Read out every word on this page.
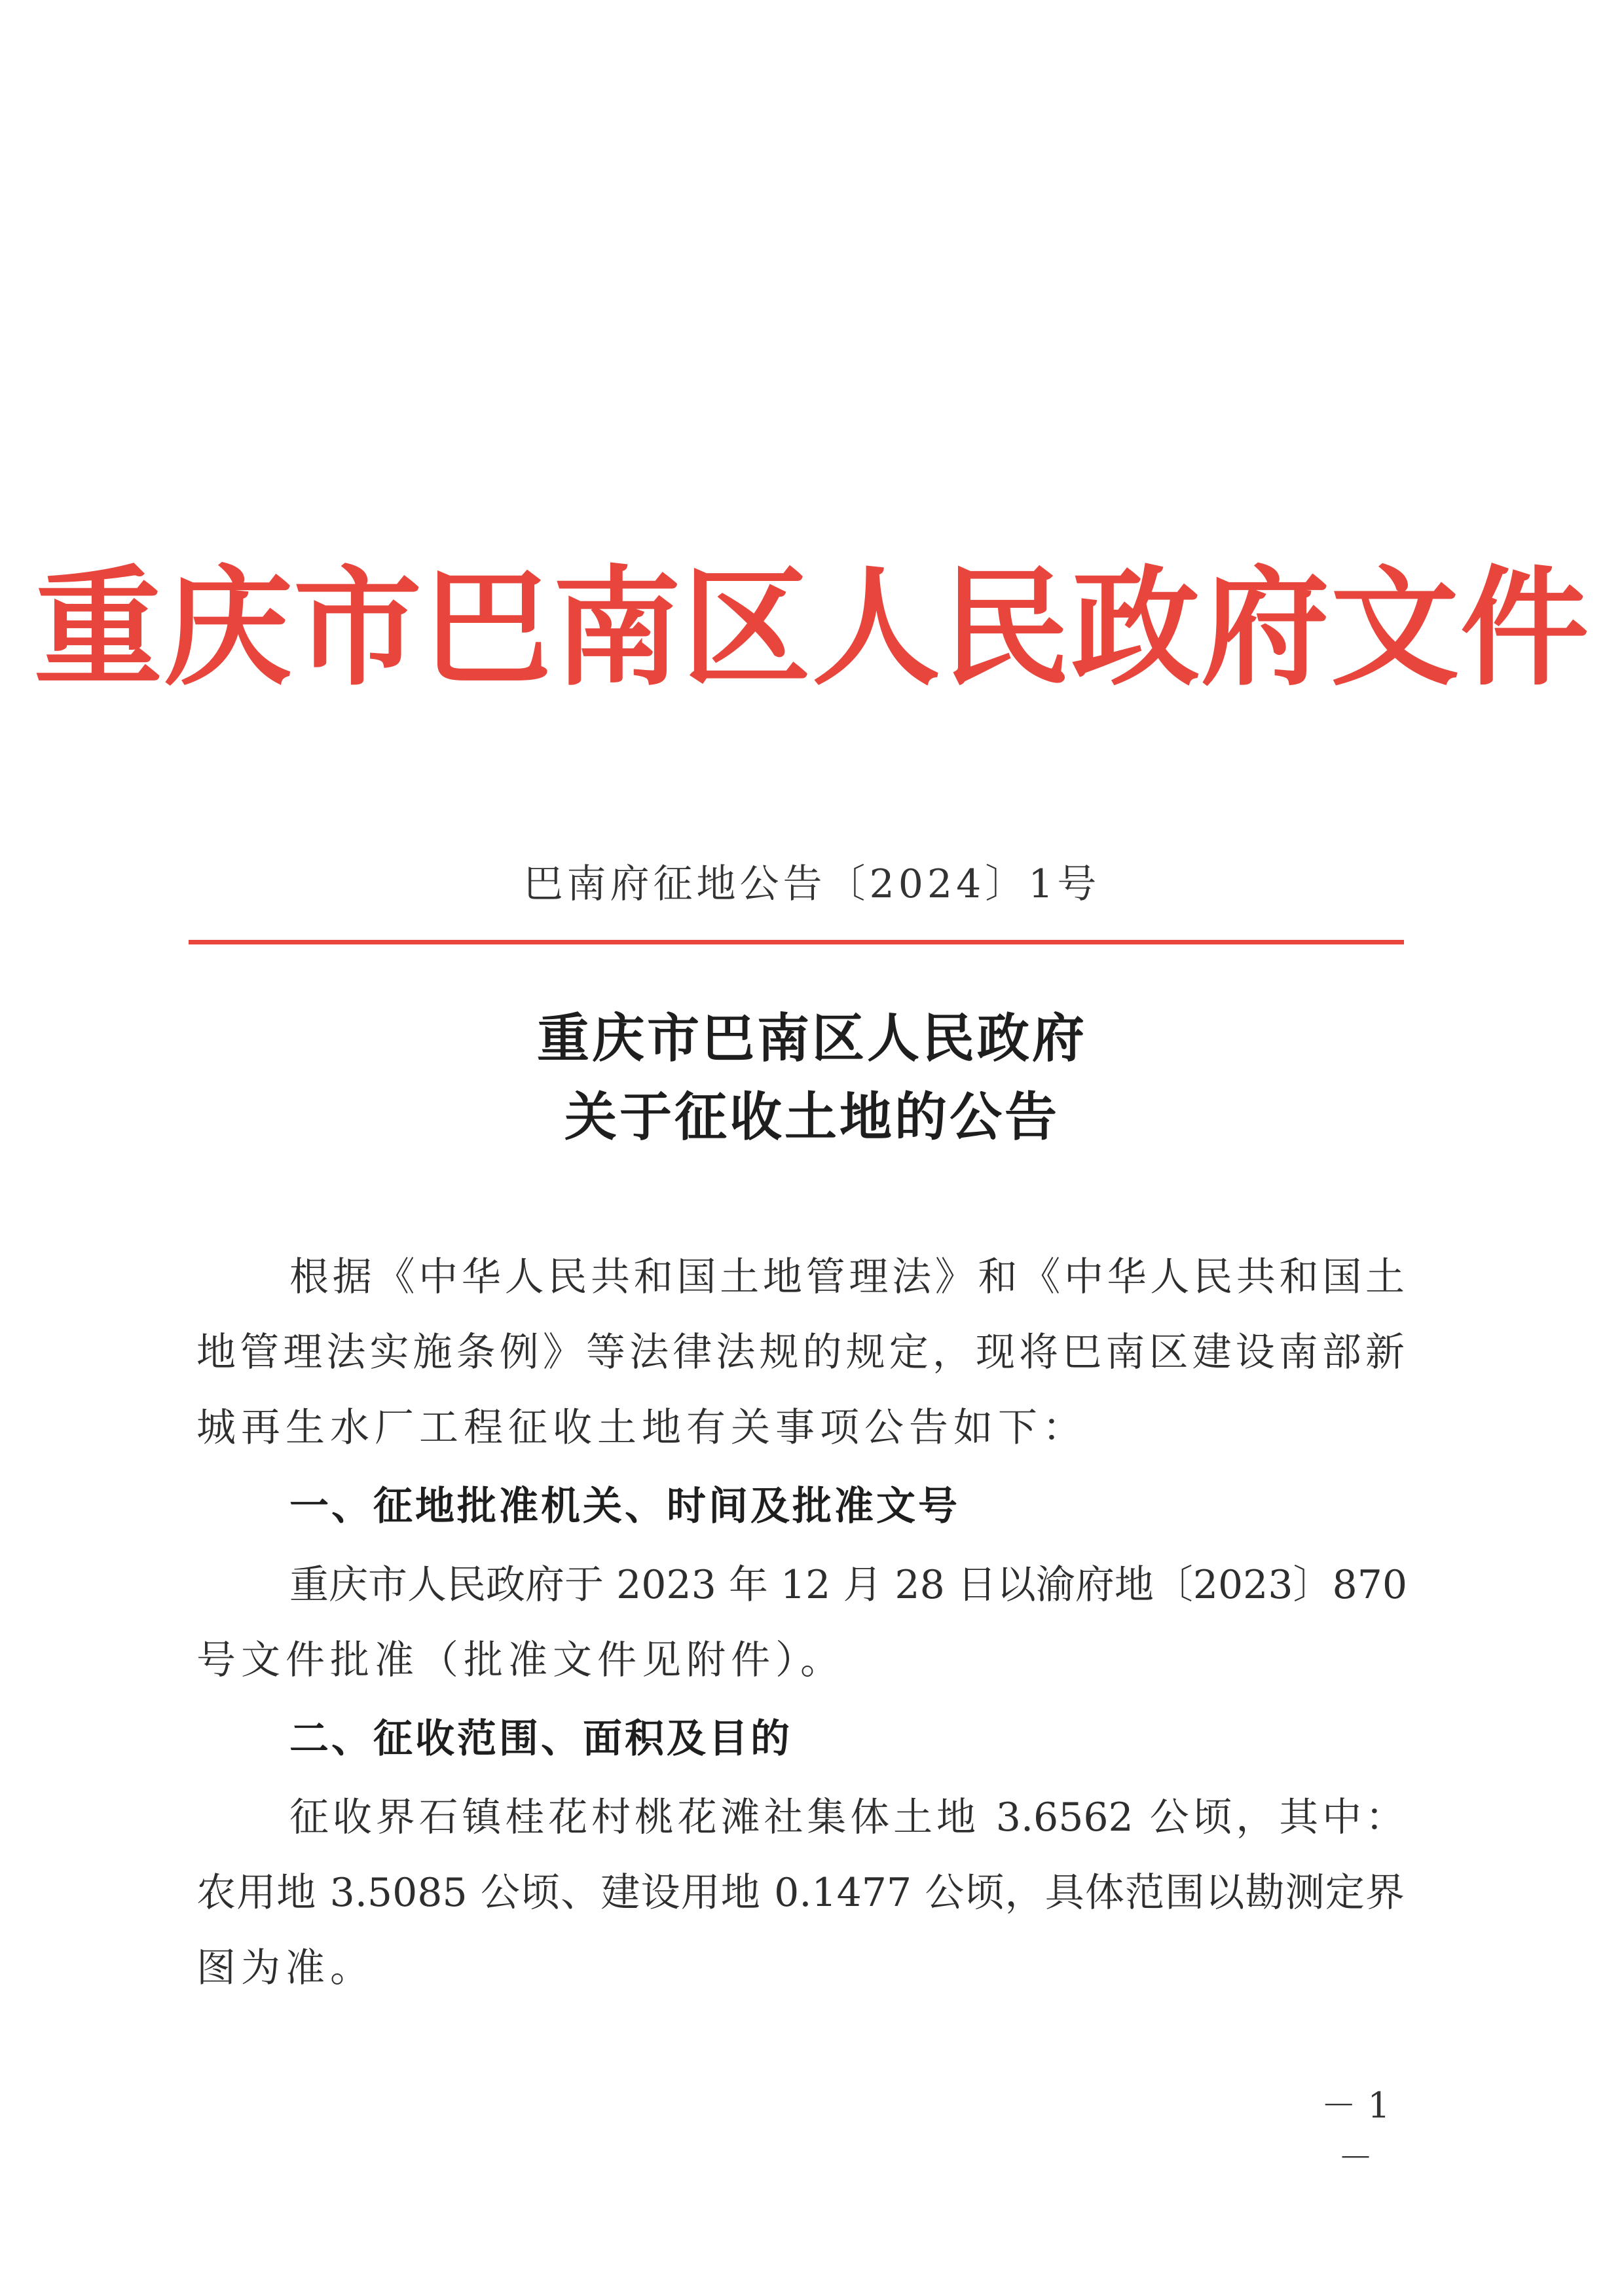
重庆市巴南区人民政府文件
巴南府征地公告〔2024〕1号
重庆市巴南区人民政府
关于征收土地的公告
根据《中华人民共和国土地管理法》和《中华人民共和国土
地管理法实施条例》等法律法规的规定，现将巴南区建设南部新
城再生水厂工程征收土地有关事项公告如下：
一、征地批准机关、时间及批准文号
重庆市人民政府于 2023 年 12 月 28 日以渝府地〔2023〕870
号文件批准（批准文件见附件）。
二、征收范围、面积及目的
征收界石镇桂花村桃花滩社集体土地 3.6562 公顷，其中：
农用地 3.5085 公顷、建设用地 0.1477 公顷，具体范围以勘测定界
图为准。
－ 1 －
